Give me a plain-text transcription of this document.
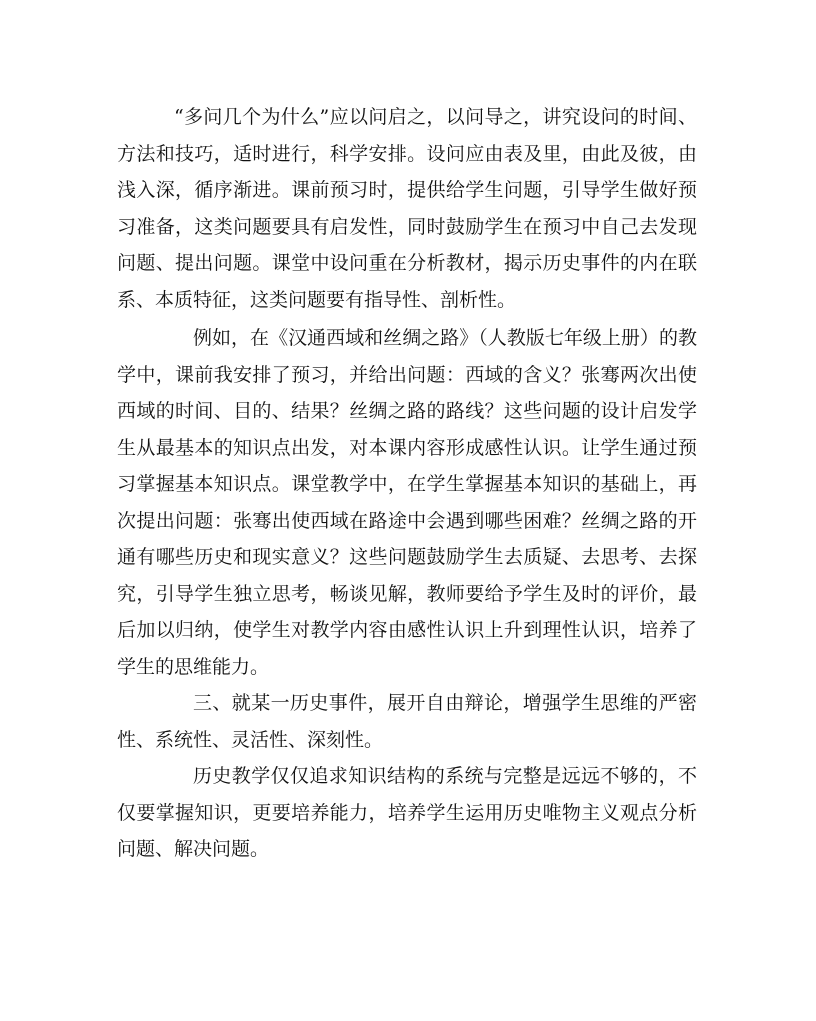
“多问几个为什么”应以问启之，以问导之，讲究设问的时间、方法和技巧，适时进行，科学安排。设问应由表及里，由此及彼，由浅入深，循序渐进。课前预习时，提供给学生问题，引导学生做好预习准备，这类问题要具有启发性，同时鼓励学生在预习中自己去发现问题、提出问题。课堂中设问重在分析教材，揭示历史事件的内在联系、本质特征，这类问题要有指导性、剖析性。

例如，在《汉通西域和丝绸之路》（人教版七年级上册）的教学中，课前我安排了预习，并给出问题：西域的含义？张骞两次出使西域的时间、目的、结果？丝绸之路的路线？这些问题的设计启发学生从最基本的知识点出发，对本课内容形成感性认识。让学生通过预习掌握基本知识点。课堂教学中，在学生掌握基本知识的基础上，再次提出问题：张骞出使西域在路途中会遇到哪些困难？丝绸之路的开通有哪些历史和现实意义？这些问题鼓励学生去质疑、去思考、去探究，引导学生独立思考，畅谈见解，教师要给予学生及时的评价，最后加以归纳，使学生对教学内容由感性认识上升到理性认识，培养了学生的思维能力。

三、就某一历史事件，展开自由辩论，增强学生思维的严密性、系统性、灵活性、深刻性。

历史教学仅仅追求知识结构的系统与完整是远远不够的，不仅要掌握知识，更要培养能力，培养学生运用历史唯物主义观点分析问题、解决问题。
